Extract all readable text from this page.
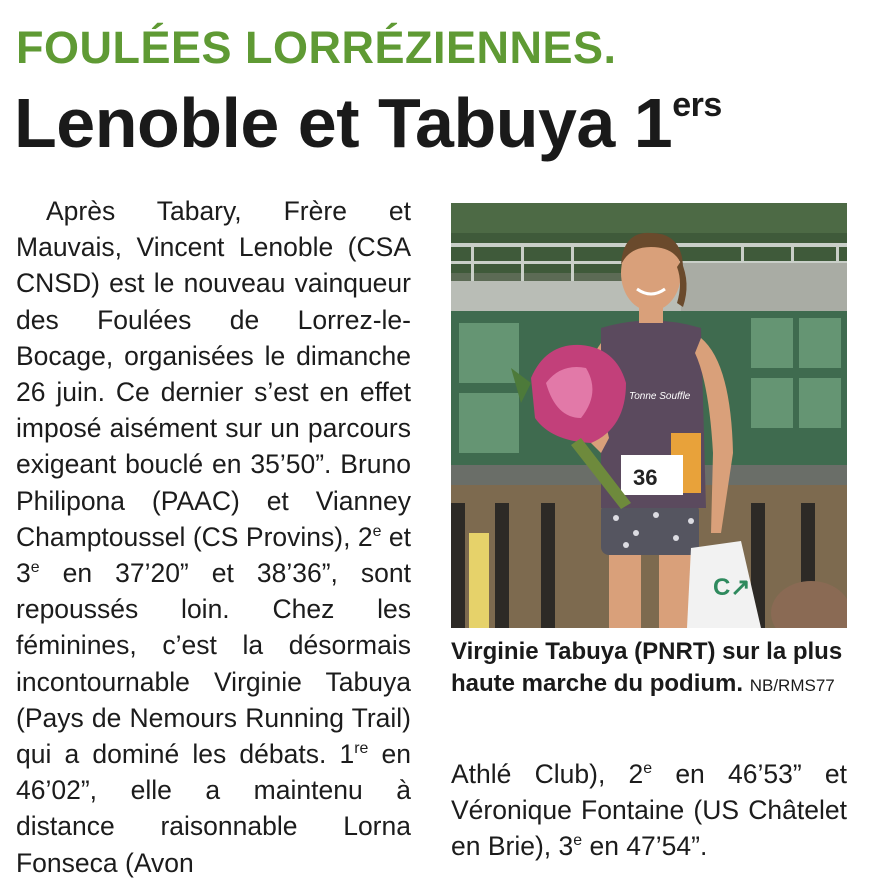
FOULÉES LORRÉZIENNES.
Lenoble et Tabuya 1ers

Après Tabary, Frère et Mauvais, Vincent Lenoble (CSA CNSD) est le nouveau vainqueur des Foulées de Lorrez-le-Bocage, organisées le dimanche 26 juin. Ce dernier s’est en effet imposé aisément sur un parcours exigeant bouclé en 35’50”. Bruno Philipona (PAAC) et Vianney Champtoussel (CS Provins), 2e et 3e en 37’20” et 38’36”, sont repoussés loin. Chez les féminines, c’est la désormais incontournable Virginie Tabuya (Pays de Nemours Running Trail) qui a dominé les débats. 1re en 46’02”, elle a maintenu à distance raisonnable Lorna Fonseca (Avon

36
Tonne Souffle
C↗
Virginie Tabuya (PNRT) sur la plus haute marche du podium. NB/RMS77

Athlé Club), 2e en 46’53” et Véronique Fontaine (US Châtelet en Brie), 3e en 47’54”.
